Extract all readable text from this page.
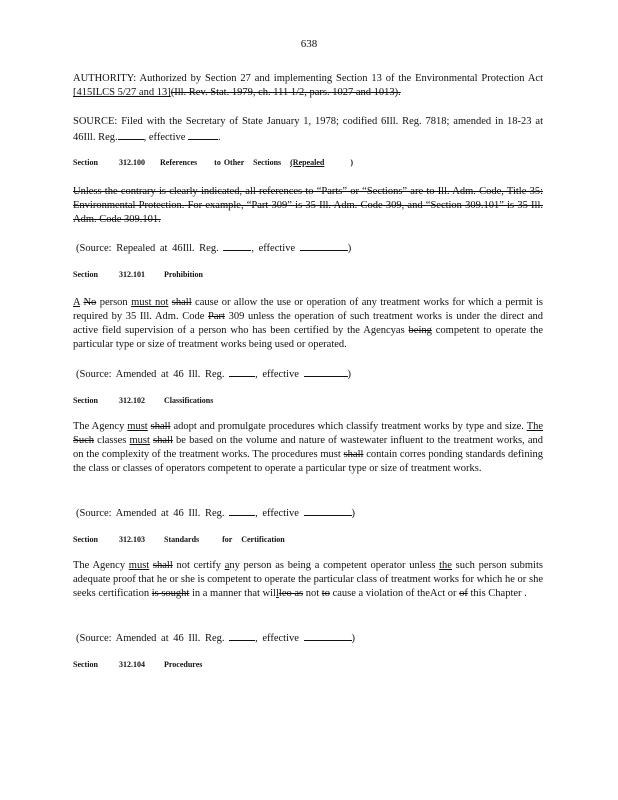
638
AUTHORITY: Authorized by Section 27 and implementing Section 13 of the Environmental Protection Act [415ILCS 5/27 and 13](Ill. Rev. Stat. 1979, ch. 111 1/2, pars. 1027 and 1013).
SOURCE: Filed with the Secretary of State January 1, 1978; codified 6Ill. Reg. 7818; amended in 18-23 at 46Ill. Reg. , effective	.
Section	312.100 References to Other Sections (Repealed	)
Unless the contrary is clearly indicated, all references to “Parts” or “Sections” are to Ill. Adm. Code, Title 35: Environmental Protection. For example, “Part 309” is 35 Ill. Adm. Code 309, and “Section 309.101” is 35 Ill. Adm. Code 309.101.
(Source: Repealed at 46Ill. Reg.	, effective	)
Section	312.101 Prohibition
A No person must not shall cause or allow the use or operation of any treatment works for which a permit is required by 35 Ill. Adm. Code Part 309 unless the operation of such treatment works is under the direct and active field supervision of a person who has been certified by the Agencyas being competent to operate the particular type or size of treatment works being used or operated.
(Source: Amended at 46 Ill. Reg.	, effective	)
Section	312.102 Classifications
The Agency must shall adopt and promulgate procedures which classify treatment works by type and size. The Such classes must shall be based on the volume and nature of wastewater influent to the treatment works, and on the complexity of the treatment works. The procedures must shall contain corres ponding standards defining the class or classes of operators competent to operate a particular type or size of treatment works.
(Source: Amended at 46 Ill. Reg.	, effective	)
Section	312.103 Standards	for Certification
The Agency must shall not certify any person as being a competent operator unless the such person submits adequate proof that he or she is competent to operate the particular class of treatment works for which he or she seeks certification is sought in a manner that willleo as not to cause a violation of theAct or of this Chapter .
(Source: Amended at 46 Ill. Reg.	, effective	)
Section	312.104 Procedures
